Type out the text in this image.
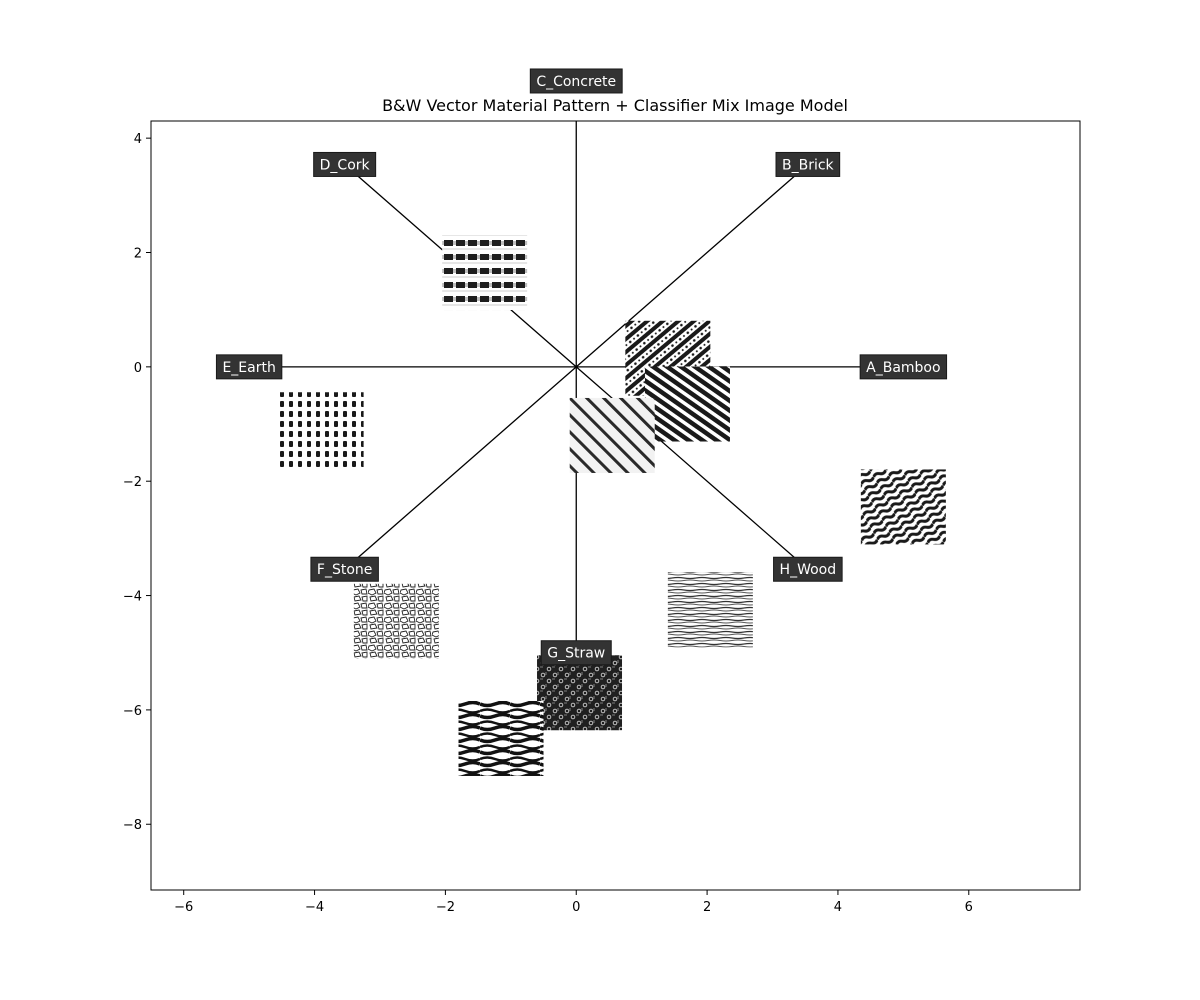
B&W Vector Material Pattern + Classifier Mix Image Model
A_Bamboo
B_Brick
C_Concrete
D_Cork
E_Earth
F_Stone
G_Straw
H_Wood
−6	−4	−2	0	2	4	6
4
2
0
−2
−4
−6
−8
